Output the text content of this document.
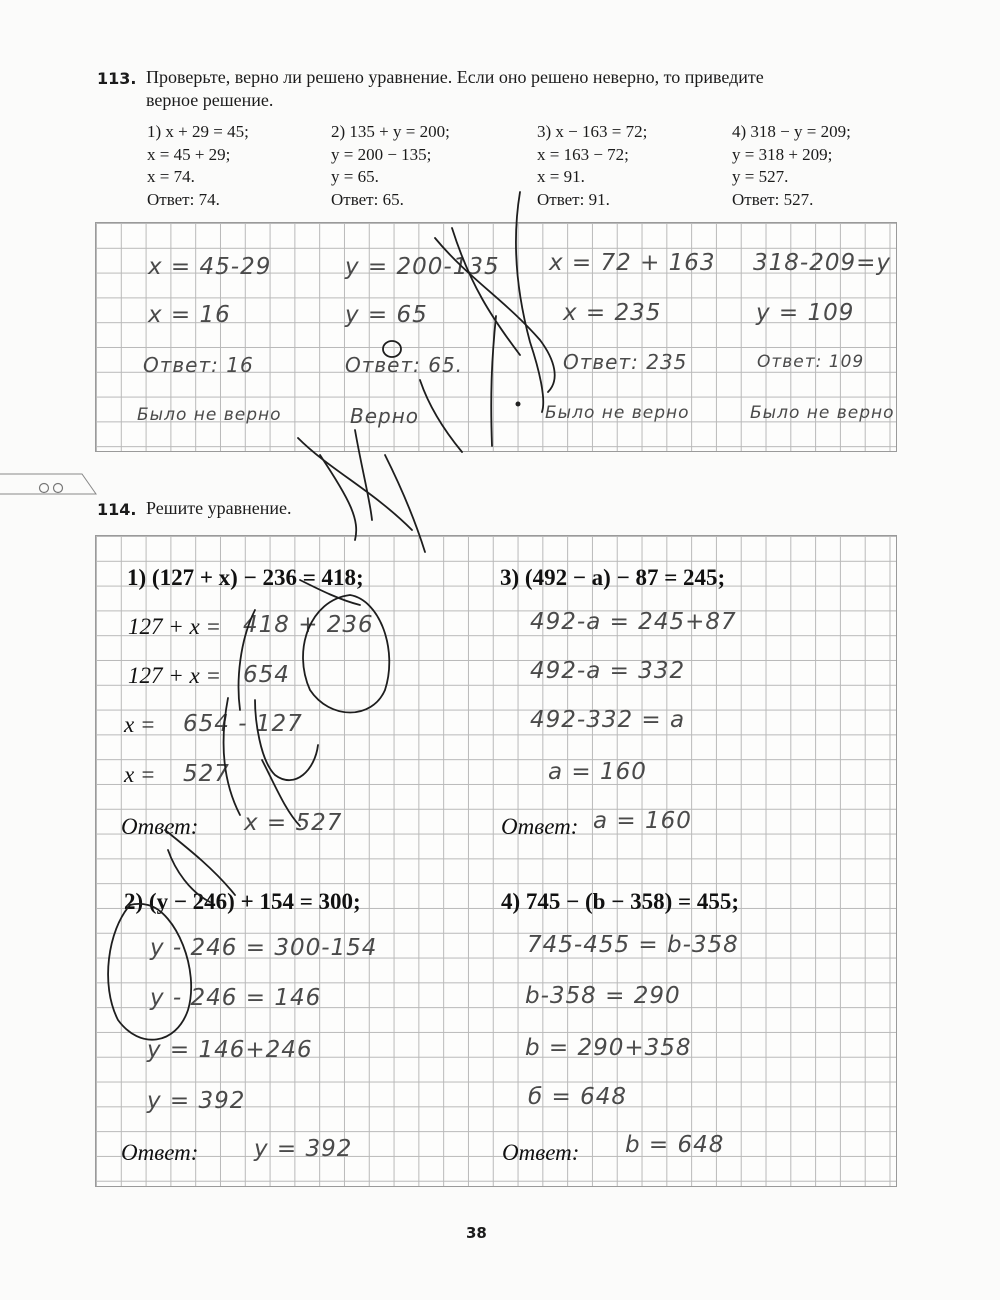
113. Проверьте, верно ли решено уравнение. Если оно решено неверно, то приведите
верное решение.
1) x + 29 = 45;
x = 45 + 29;
x = 74.
Ответ: 74.
2) 135 + y = 200;
y = 200 − 135;
y = 65.
Ответ: 65.
3) x − 163 = 72;
x = 163 − 72;
x = 91.
Ответ: 91.
4) 318 − y = 209;
y = 318 + 209;
y = 527.
Ответ: 527.
x = 45-29
x = 16
Ответ: 16
Было не верно
y = 200-135
y = 65
Ответ: 65.
Верно
x = 72 + 163
x = 235
Ответ: 235
Было не верно
318-209=y
y = 109
Ответ: 109
Было не верно
114. Решите уравнение.
1) (127 + x) − 236 = 418;
127 + x = 418 + 236
127 + x = 654
x = 654 - 127
x = 527
Ответ: x = 527
2) (y − 246) + 154 = 300;
y - 246 = 300-154
y - 246 = 146
y = 146+246
y = 392
Ответ: y = 392
3) (492 − a) − 87 = 245;
492-a = 245+87
492-a = 332
492-332 = a
a = 160
Ответ: a = 160
4) 745 − (b − 358) = 455;
745-455 = b-358
b-358 = 290
b = 290+358
б = 648
Ответ: b = 648
38
